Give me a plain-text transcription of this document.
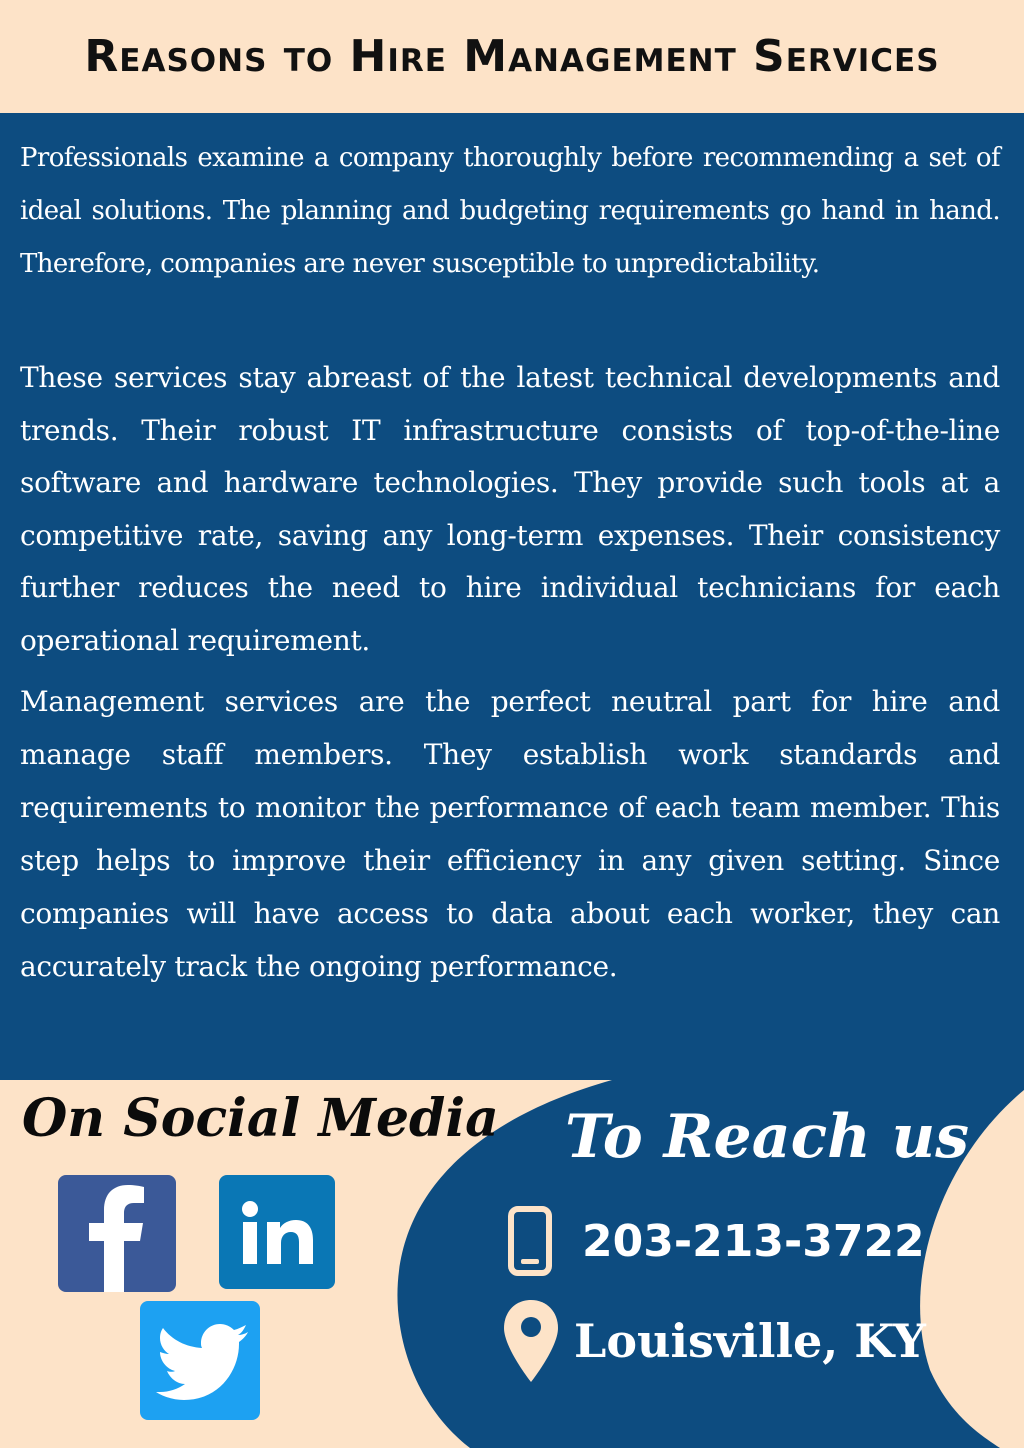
Reasons to Hire Management Services

Professionals examine a company thoroughly before recommending a set of ideal solutions. The planning and budgeting requirements go hand in hand. Therefore, companies are never susceptible to unpredictability.

These services stay abreast of the latest technical developments and trends. Their robust IT infrastructure consists of top-of-the-line software and hardware technologies. They provide such tools at a competitive rate, saving any long-term expenses. Their consistency further reduces the need to hire individual technicians for each operational requirement.

Management services are the perfect neutral part for hire and manage staff members. They establish work standards and requirements to monitor the performance of each team member. This step helps to improve their efficiency in any given setting. Since companies will have access to data about each worker, they can accurately track the ongoing performance.

On Social Media To Reach us
203-213-3722
Louisville, KY
